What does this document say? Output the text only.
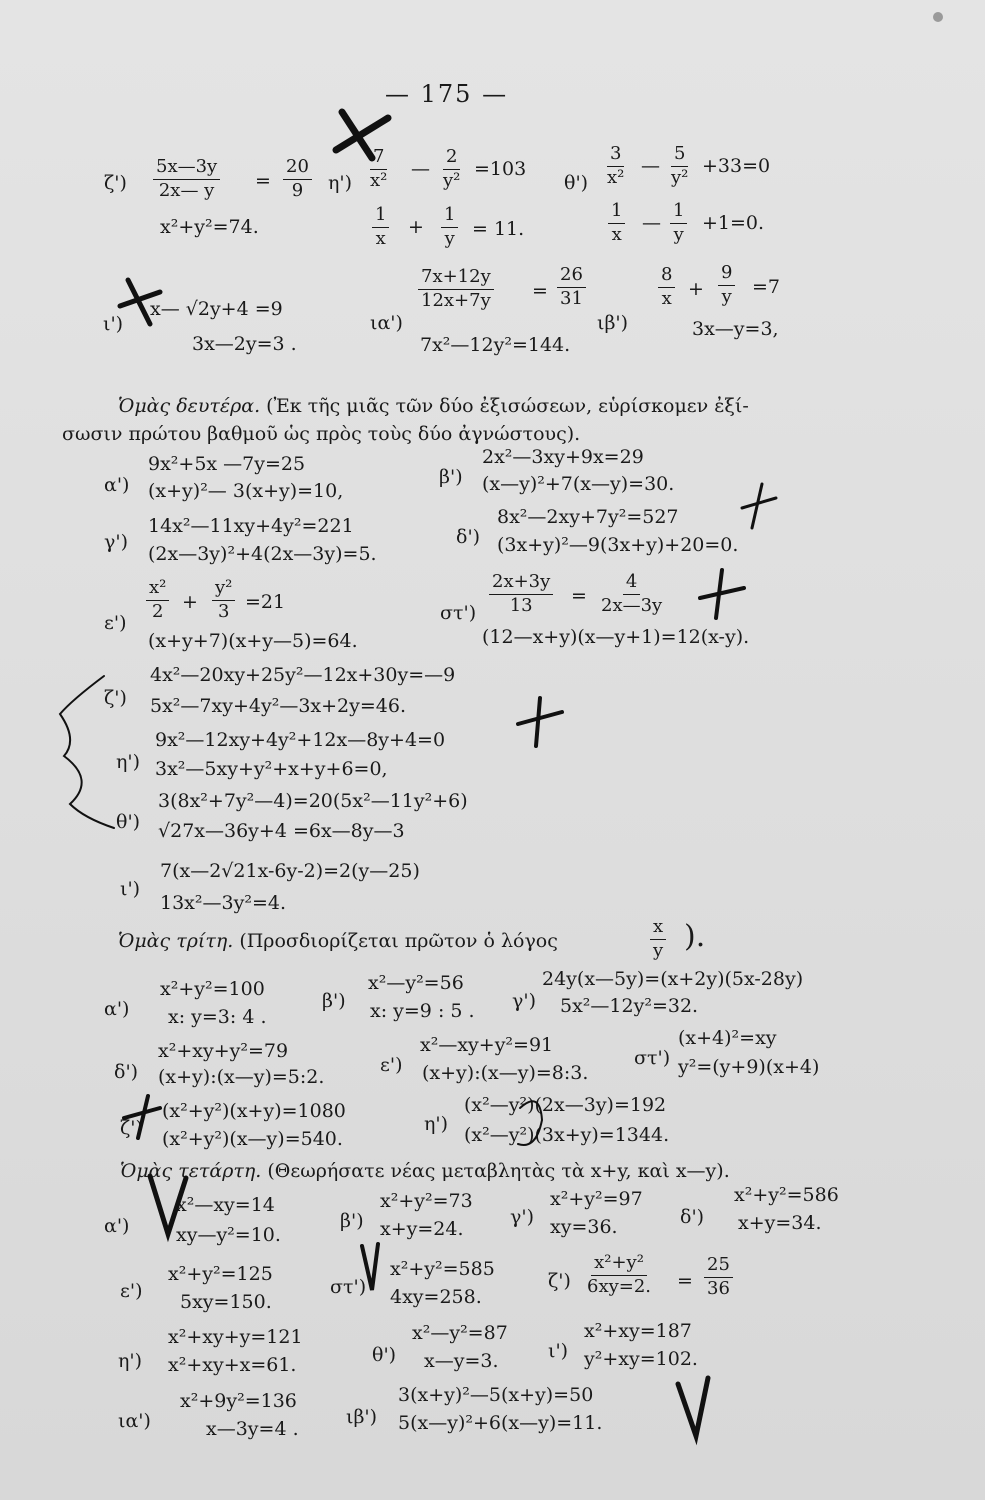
— 175 —
$\zeta') \frac{5x—3y}{2x— y} = \frac{20}{9}$
x²+y²=74.
$\eta') \frac{7}{\text{x²}}$ — $\frac{2}{\text{y²}} =103$
$\frac{1}{x} + \frac{1}{y} = 11$.
$\theta') \frac{3}{\text{x²}}$ — $\frac{5}{\text{y²}} +33=0$
$\frac{1}{x}$ — $\frac{1}{y} +1=0$.
ι')
x— √2y+4 =9
3x—2y=3 .
ια')
$\frac{7x+12y}{12x+7y} = \frac{26}{31}$
7x²—12y²=144.
ιβ')
$\frac{8}{x} + \frac{9}{y} =7$
3x—y=3,
Ὁμὰς δευτέρα. (Ἐκ τῆς μιᾶς τῶν δύο ἐξισώσεων, εὑρίσκομεν ἐξί-
σωσιν πρώτου βαθμοῦ ὡς πρὸς τοὺς δύο ἀγνώστους).
α')
9x²+5x —7y=25
(x+y)²— 3(x+y)=10,
β')
2x²—3xy+9x=29
(x—y)²+7(x—y)=30.
γ')
14x²—11xy+4y²=221
(2x—3y)²+4(2x—3y)=5.
δ')
8x²—2xy+7y²=527
(3x+y)²—9(3x+y)+20=0.
ε')
$\frac{\text{x²}}{2} + \frac{\text{y²}}{3} =21$
(x+y+7)(x+y—5)=64.
$\sigma\tau') \frac{2x+3y}{13} = \frac{4}{2x—3y}$
(12—x+y)(x—y+1)=12(x-y).
ζ')
4x²—20xy+25y²—12x+30y=—9
5x²—7xy+4y²—3x+2y=46.
η')
9x²—12xy+4y²+12x—8y+4=0
3x²—5xy+y²+x+y+6=0,
θ')
3(8x²+7y²—4)=20(5x²—11y²+6)
√27x—36y+4 =6x—8y—3
ι')
7(x—2√21x-6y-2)=2(y—25)
13x²—3y²=4.
Ὁμὰς τρίτη. (Προσδιορίζεται πρῶτον ὁ λόγος	$\frac{x}{y}$ ).
α')
x²+y²=100
x: y=3: 4 .
β')
x²—y²=56
x: y=9 : 5 . γ')
24y(x—5y)=(x+2y)(5x-28y)
5x²—12y²=32.
δ')
x²+xy+y²=79
(x+y):(x—y)=5:2.
ε')
x²—xy+y²=91
(x+y):(x—y)=8:3.
στ')
(x+4)²=xy
y²=(y+9)(x+4)
ζ')
(x²+y²)(x+y)=1080
(x²+y²)(x—y)=540.
η')
(x²—y²)(2x—3y)=192
(x²—y²)(3x+y)=1344.
Ὁμὰς τετάρτη. (Θεωρήσατε νέας μεταβλητὰς τὰ x+y, καὶ x—y).
α')
x²—xy=14
xy—y²=10.
β')
x²+y²=73
x+y=24.
γ')
x²+y²=97
xy=36.	δ')
x²+y²=586
x+y=34.
ε')
x²+y²=125
5xy=150.
στ')
x²+y²=585
4xy=258.
$\zeta') \frac{\text{x²+y²}}{6xy=2.} = \frac{25}{36}$
η')
x²+xy+y=121
x²+xy+x=61.	θ')
x²—y²=87
x—y=3.	ι')
x²+xy=187
y²+xy=102.
ια')
x²+9y²=136
x—3y=4 .
ιβ')
3(x+y)²—5(x+y)=50
5(x—y)²+6(x—y)=11.
